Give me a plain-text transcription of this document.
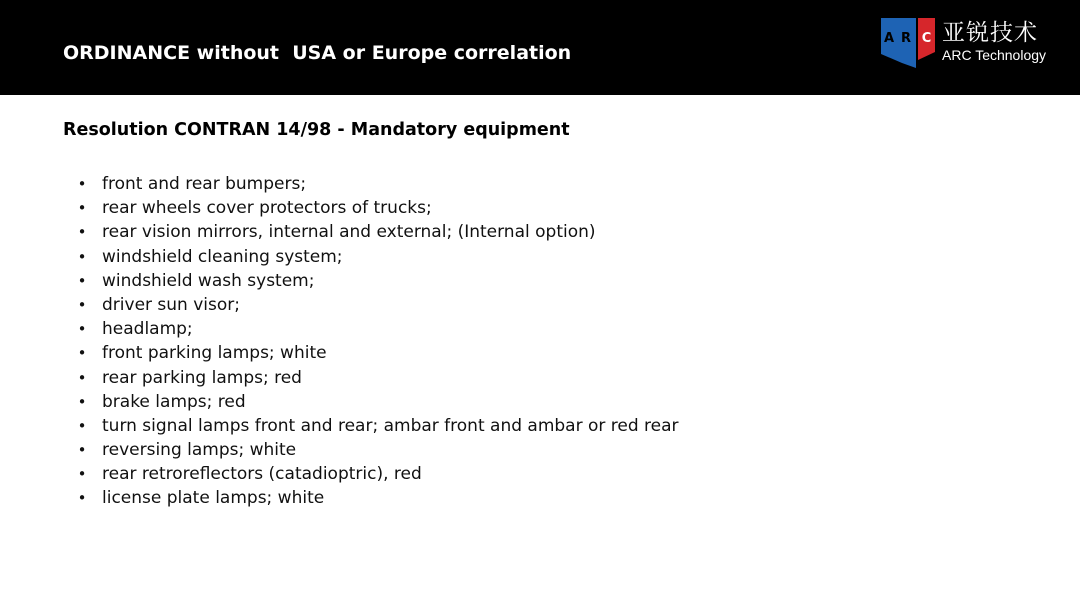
ORDINANCE without  USA or Europe correlation
A R C 亚锐技术
ARC Technology
Resolution CONTRAN 14/98 - Mandatory equipment
• front and rear bumpers;
• rear wheels cover protectors of trucks;
• rear vision mirrors, internal and external; (Internal option)
• windshield cleaning system;
• windshield wash system;
• driver sun visor;
• headlamp;
• front parking lamps; white
• rear parking lamps; red
• brake lamps; red
• turn signal lamps front and rear; ambar front and ambar or red rear
• reversing lamps; white
• rear retroreflectors (catadioptric), red
• license plate lamps; white
